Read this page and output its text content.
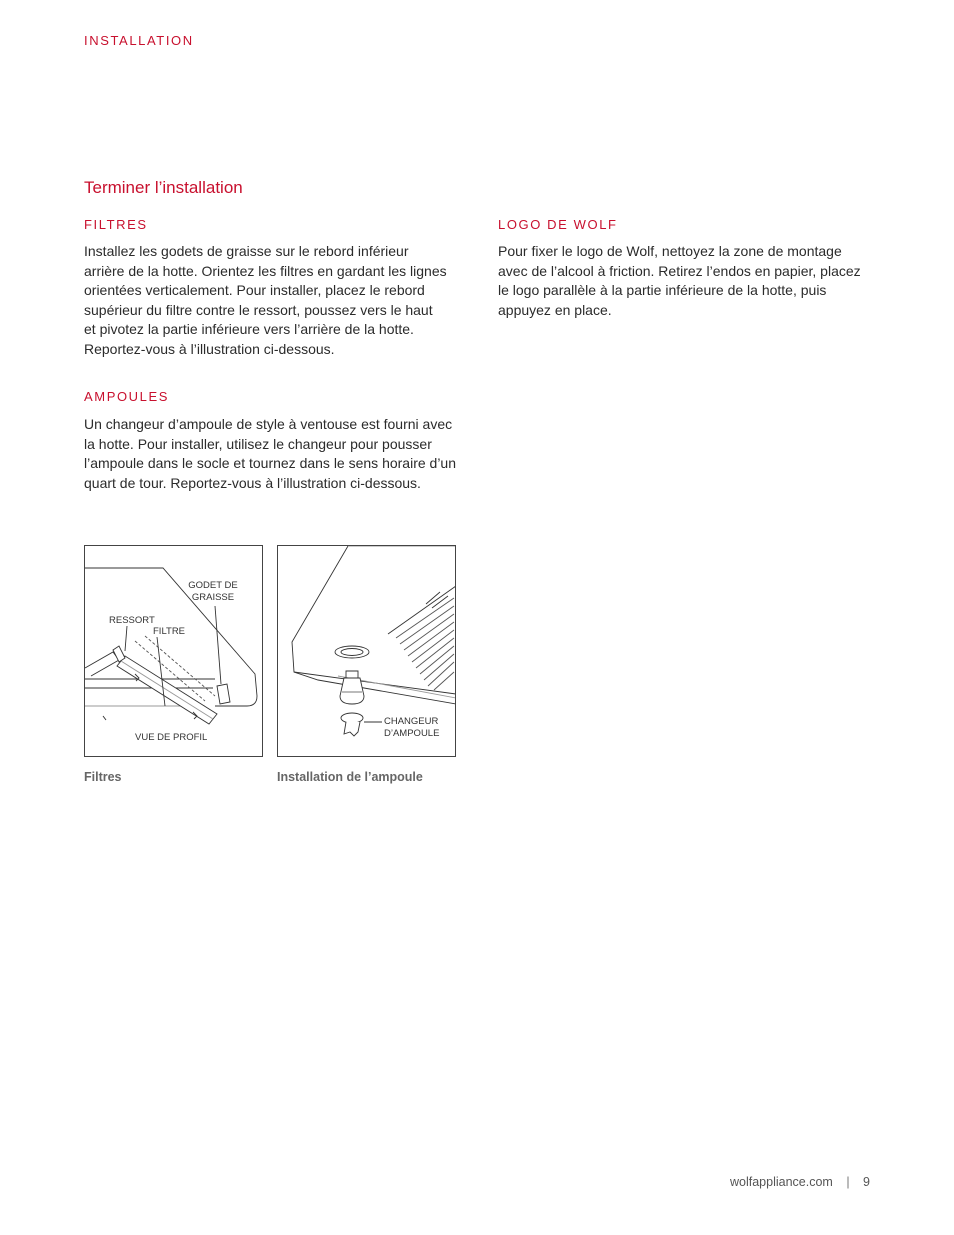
INSTALLATION
Terminer l’installation
FILTRES
Installez les godets de graisse sur le rebord inférieur
arrière de la hotte. Orientez les filtres en gardant les lignes
orientées verticalement. Pour installer, placez le rebord
supérieur du filtre contre le ressort, poussez vers le haut
et pivotez la partie inférieure vers l’arrière de la hotte.
Reportez-vous à l’illustration ci-dessous.
AMPOULES
Un changeur d’ampoule de style à ventouse est fourni avec
la hotte. Pour installer, utilisez le changeur pour pousser
l’ampoule dans le socle et tournez dans le sens horaire d’un
quart de tour. Reportez-vous à l’illustration ci-dessous.
LOGO DE WOLF
Pour fixer le logo de Wolf, nettoyez la zone de montage
avec de l’alcool à friction. Retirez l’endos en papier, placez
le logo parallèle à la partie inférieure de la hotte, puis
appuyez en place.
GODET DE
GRAISSE
RESSORT
FILTRE
VUE DE PROFIL
Filtres
CHANGEUR
D’AMPOULE
Installation de l’ampoule
wolfappliance.com | 9
